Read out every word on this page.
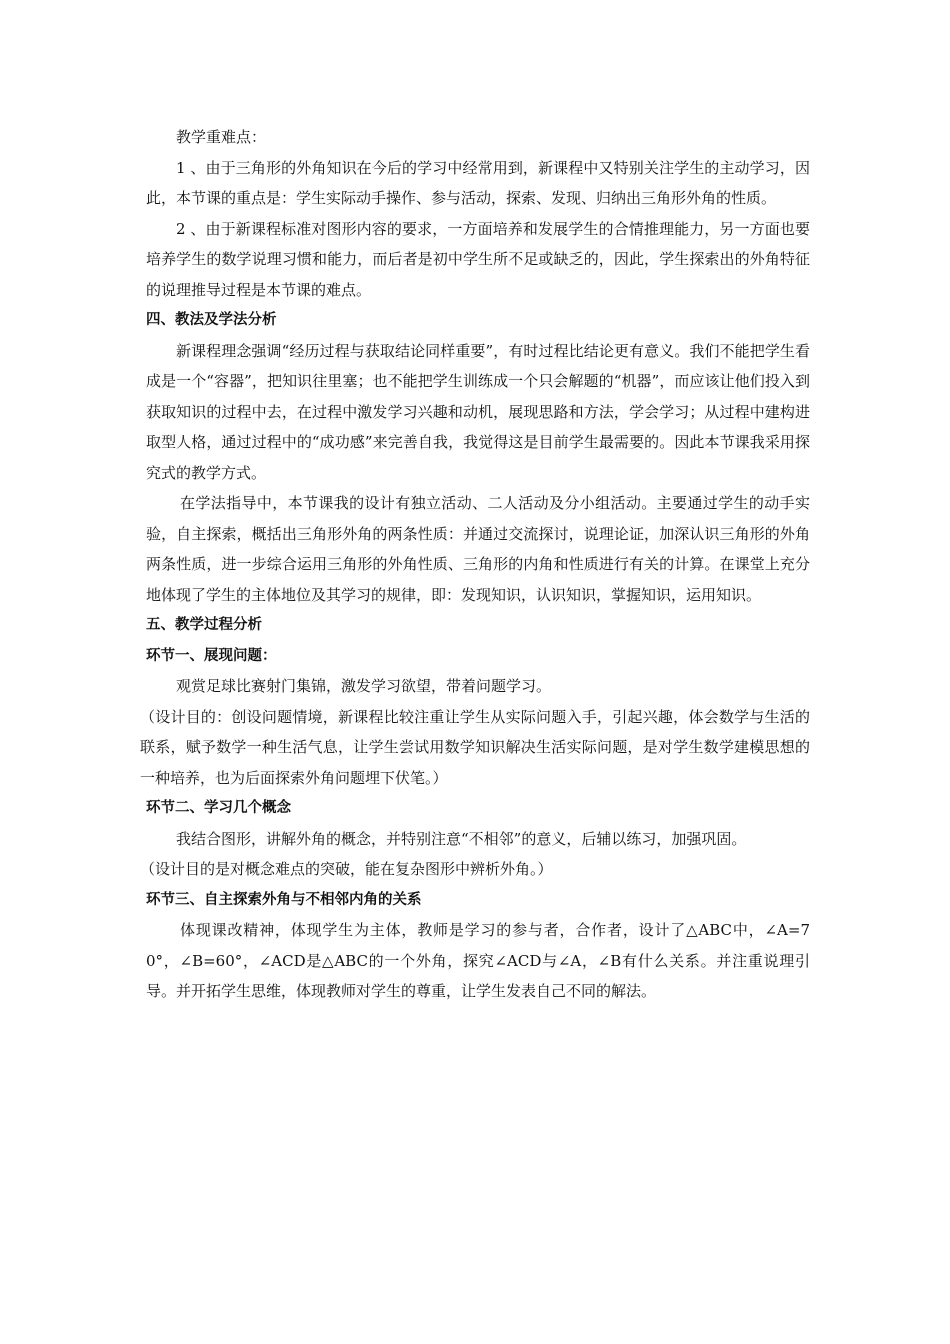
教学重难点：

1 、由于三角形的外角知识在今后的学习中经常用到，新课程中又特别关注学生的主动学习，因此，本节课的重点是：学生实际动手操作、参与活动，探索、发现、归纳出三角形外角的性质。

2 、由于新课程标准对图形内容的要求，一方面培养和发展学生的合情推理能力，另一方面也要培养学生的数学说理习惯和能力，而后者是初中学生所不足或缺乏的，因此，学生探索出的外角特征的说理推导过程是本节课的难点。

四、教法及学法分析

新课程理念强调“经历过程与获取结论同样重要”，有时过程比结论更有意义。我们不能把学生看成是一个“容器”，把知识往里塞；也不能把学生训练成一个只会解题的“机器”，而应该让他们投入到获取知识的过程中去，在过程中激发学习兴趣和动机，展现思路和方法，学会学习；从过程中建构进取型人格，通过过程中的“成功感”来完善自我，我觉得这是目前学生最需要的。因此本节课我采用探究式的教学方式。

在学法指导中，本节课我的设计有独立活动、二人活动及分小组活动。主要通过学生的动手实验，自主探索，概括出三角形外角的两条性质：并通过交流探讨，说理论证，加深认识三角形的外角两条性质，进一步综合运用三角形的外角性质、三角形的内角和性质进行有关的计算。在课堂上充分地体现了学生的主体地位及其学习的规律，即：发现知识，认识知识，掌握知识，运用知识。

五、教学过程分析

环节一、展现问题：

观赏足球比赛射门集锦，激发学习欲望，带着问题学习。

（设计目的：创设问题情境，新课程比较注重让学生从实际问题入手，引起兴趣，体会数学与生活的联系，赋予数学一种生活气息，让学生尝试用数学知识解决生活实际问题，是对学生数学建模思想的一种培养，也为后面探索外角问题埋下伏笔。）

环节二、学习几个概念

我结合图形，讲解外角的概念，并特别注意“不相邻”的意义，后辅以练习，加强巩固。

（设计目的是对概念难点的突破，能在复杂图形中辨析外角。）

环节三、自主探索外角与不相邻内角的关系

体现课改精神，体现学生为主体，教师是学习的参与者，合作者，设计了△ABC中，∠A=70°，∠B=60°，∠ACD是△ABC的一个外角，探究∠ACD与∠A，∠B有什么关系。并注重说理引导。并开拓学生思维，体现教师对学生的尊重，让学生发表自己不同的解法。
